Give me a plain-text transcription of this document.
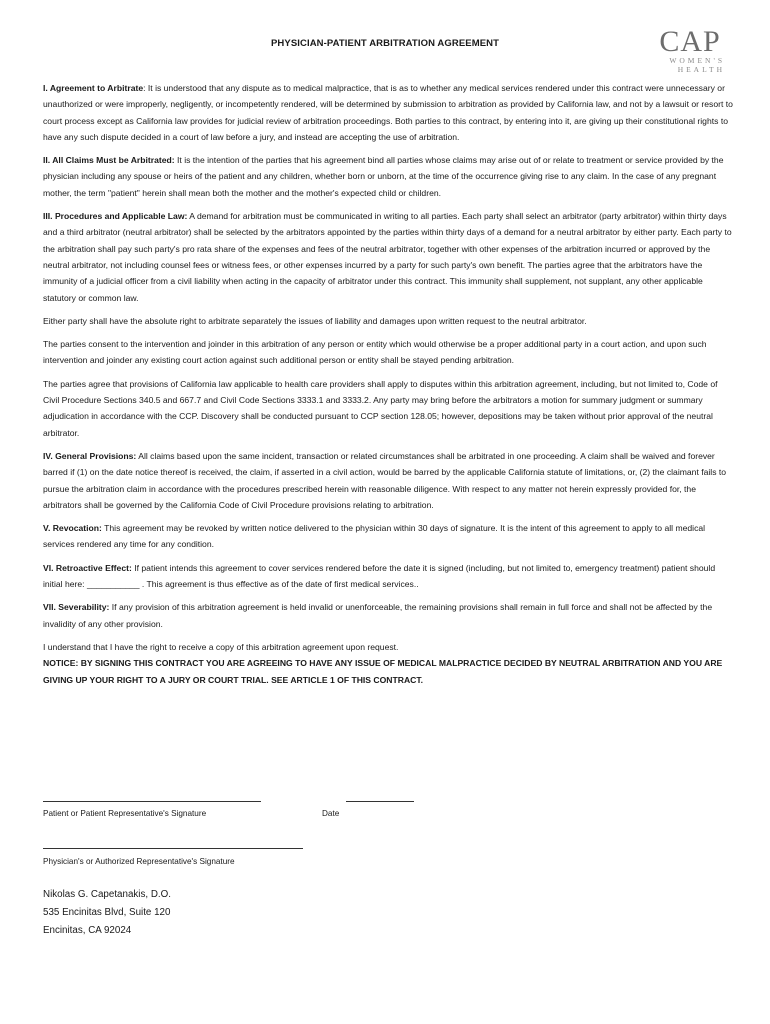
CAP
WOMEN'S
HEALTH
PHYSICIAN-PATIENT ARBITRATION AGREEMENT

I. Agreement to Arbitrate: It is understood that any dispute as to medical malpractice, that is as to whether any medical services rendered under this contract were unnecessary or unauthorized or were improperly, negligently, or incompetently rendered, will be determined by submission to arbitration as provided by California law, and not by a lawsuit or resort to court process except as California law provides for judicial review of arbitration proceedings. Both parties to this contract, by entering into it, are giving up their constitutional rights to have any such dispute decided in a court of law before a jury, and instead are accepting the use of arbitration.

II. All Claims Must be Arbitrated: It is the intention of the parties that his agreement bind all parties whose claims may arise out of or relate to treatment or service provided by the physician including any spouse or heirs of the patient and any children, whether born or unborn, at the time of the occurrence giving rise to any claim. In the case of any pregnant mother, the term "patient" herein shall mean both the mother and the mother's expected child or children.

III. Procedures and Applicable Law: A demand for arbitration must be communicated in writing to all parties. Each party shall select an arbitrator (party arbitrator) within thirty days and a third arbitrator (neutral arbitrator) shall be selected by the arbitrators appointed by the parties within thirty days of a demand for a neutral arbitrator by either party. Each party to the arbitration shall pay such party's pro rata share of the expenses and fees of the neutral arbitrator, together with other expenses of the arbitration incurred or approved by the neutral arbitrator, not including counsel fees or witness fees, or other expenses incurred by a party for such party's own benefit. The parties agree that the arbitrators have the immunity of a judicial officer from a civil liability when acting in the capacity of arbitrator under this contract. This immunity shall supplement, not supplant, any other applicable statutory or common law.

Either party shall have the absolute right to arbitrate separately the issues of liability and damages upon written request to the neutral arbitrator.

The parties consent to the intervention and joinder in this arbitration of any person or entity which would otherwise be a proper additional party in a court action, and upon such intervention and joinder any existing court action against such additional person or entity shall be stayed pending arbitration.

The parties agree that provisions of California law applicable to health care providers shall apply to disputes within this arbitration agreement, including, but not limited to, Code of Civil Procedure Sections 340.5 and 667.7 and Civil Code Sections 3333.1 and 3333.2. Any party may bring before the arbitrators a motion for summary judgment or summary adjudication in accordance with the CCP. Discovery shall be conducted pursuant to CCP section 128.05; however, depositions may be taken without prior approval of the neutral arbitrator.

IV. General Provisions: All claims based upon the same incident, transaction or related circumstances shall be arbitrated in one proceeding. A claim shall be waived and forever barred if (1) on the date notice thereof is received, the claim, if asserted in a civil action, would be barred by the applicable California statute of limitations, or, (2) the claimant fails to pursue the arbitration claim in accordance with the procedures prescribed herein with reasonable diligence. With respect to any matter not herein expressly provided for, the arbitrators shall be governed by the California Code of Civil Procedure provisions relating to arbitration.

V. Revocation: This agreement may be revoked by written notice delivered to the physician within 30 days of signature. It is the intent of this agreement to apply to all medical services rendered any time for any condition.

VI. Retroactive Effect: If patient intends this agreement to cover services rendered before the date it is signed (including, but not limited to, emergency treatment) patient should initial here: ___________ . This agreement is thus effective as of the date of first medical services..

VII. Severability: If any provision of this arbitration agreement is held invalid or unenforceable, the remaining provisions shall remain in full force and shall not be affected by the invalidity of any other provision.

I understand that I have the right to receive a copy of this arbitration agreement upon request.
NOTICE: BY SIGNING THIS CONTRACT YOU ARE AGREEING TO HAVE ANY ISSUE OF MEDICAL MALPRACTICE DECIDED BY NEUTRAL ARBITRATION AND YOU ARE GIVING UP YOUR RIGHT TO A JURY OR COURT TRIAL. SEE ARTICLE 1 OF THIS CONTRACT.

Patient or Patient Representative's Signature	Date
Physician's or Authorized Representative's Signature
Nikolas G. Capetanakis, D.O.
535 Encinitas Blvd, Suite 120
Encinitas, CA 92024
